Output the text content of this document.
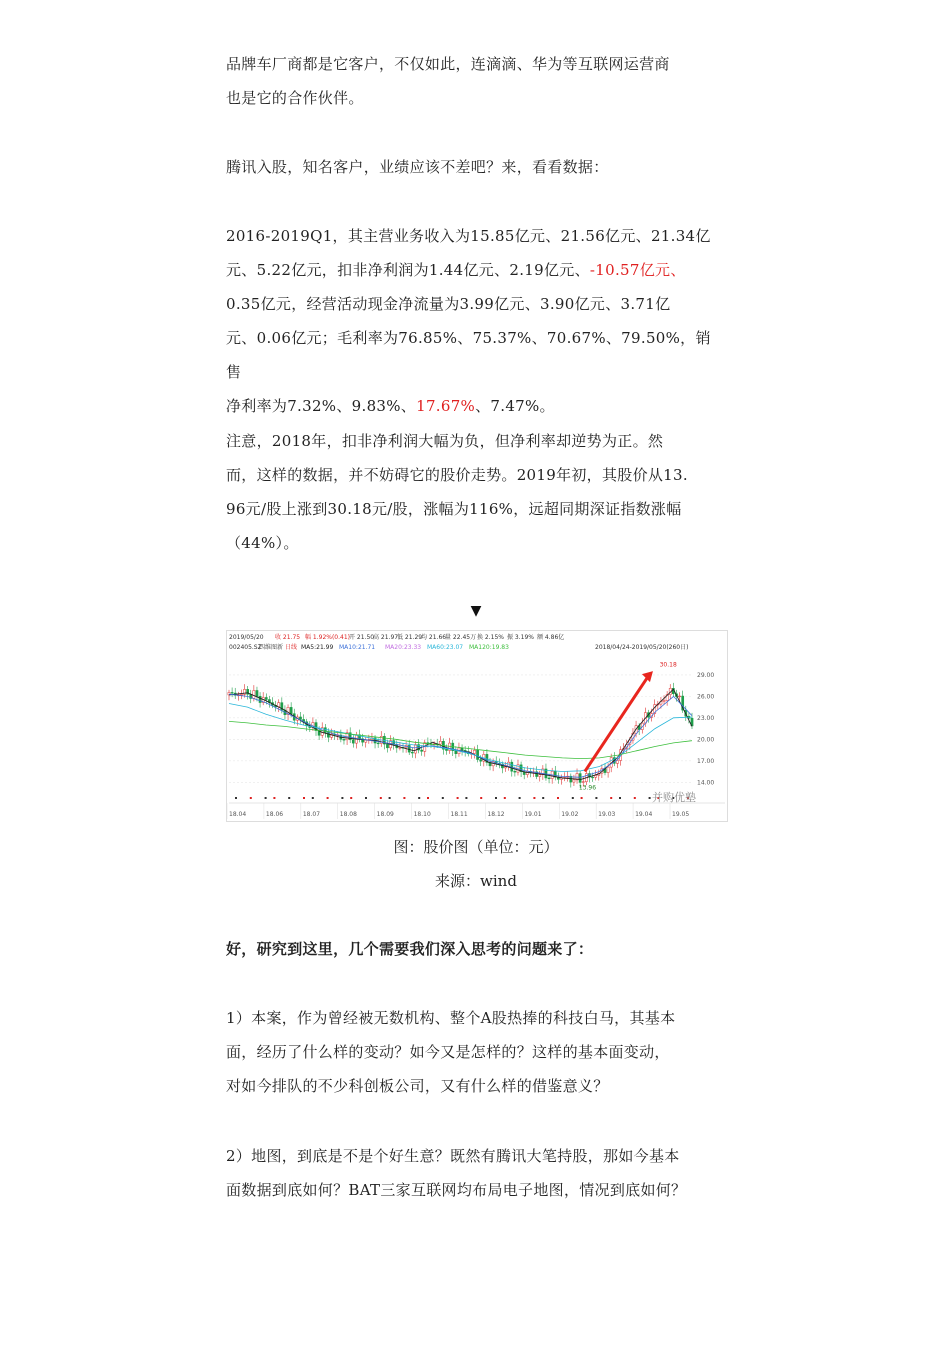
品牌车厂商都是它客户，不仅如此，连滴滴、华为等互联网运营商
也是它的合作伙伴。

腾讯入股，知名客户，业绩应该不差吧？来，看看数据：

2016-2019Q1，其主营业务收入为15.85亿元、21.56亿元、21.34亿
元、5.22亿元，扣非净利润为1.44亿元、2.19亿元、-10.57亿元、
0.35亿元，经营活动现金净流量为3.99亿元、3.90亿元、3.71亿
元、0.06亿元；毛利率为76.85%、75.37%、70.67%、79.50%，销售
净利率为7.32%、9.83%、17.67%、7.47%。

注意，2018年，扣非净利润大幅为负，但净利率却逆势为正。然
而，这样的数据，并不妨碍它的股价走势。2019年初，其股价从13.
96元/股上涨到30.18元/股，涨幅为116%，远超同期深证指数涨幅
（44%）。

▼
2019/05/20 收 21.75 幅 1.92%(0.41)
开 21.50
高 21.97
低 21.29
均 21.66
量 22.45万 换 2.15% 振 3.19% 额 4.86亿
002405.SZ
四维图新 日线 MA5:21.99 MA10:21.71 MA20:23.33 MA60:23.07 MA120:19.83	2018/04/24-2019/05/20(260日)
29.00
26.00
23.00
20.00
17.00
14.00
18.04	18.06	18.07	18.08	18.09	18.10	18.11	18.12	19.01	19.02	19.03	19.04	19.05
13.96
30.18
并购优塾
图：股价图（单位：元）
来源：wind

好，研究到这里，几个需要我们深入思考的问题来了：

1）本案，作为曾经被无数机构、整个A股热捧的科技白马，其基本
面，经历了什么样的变动？如今又是怎样的？这样的基本面变动，
对如今排队的不少科创板公司，又有什么样的借鉴意义？

2）地图，到底是不是个好生意？既然有腾讯大笔持股，那如今基本
面数据到底如何？BAT三家互联网均布局电子地图，情况到底如何？
